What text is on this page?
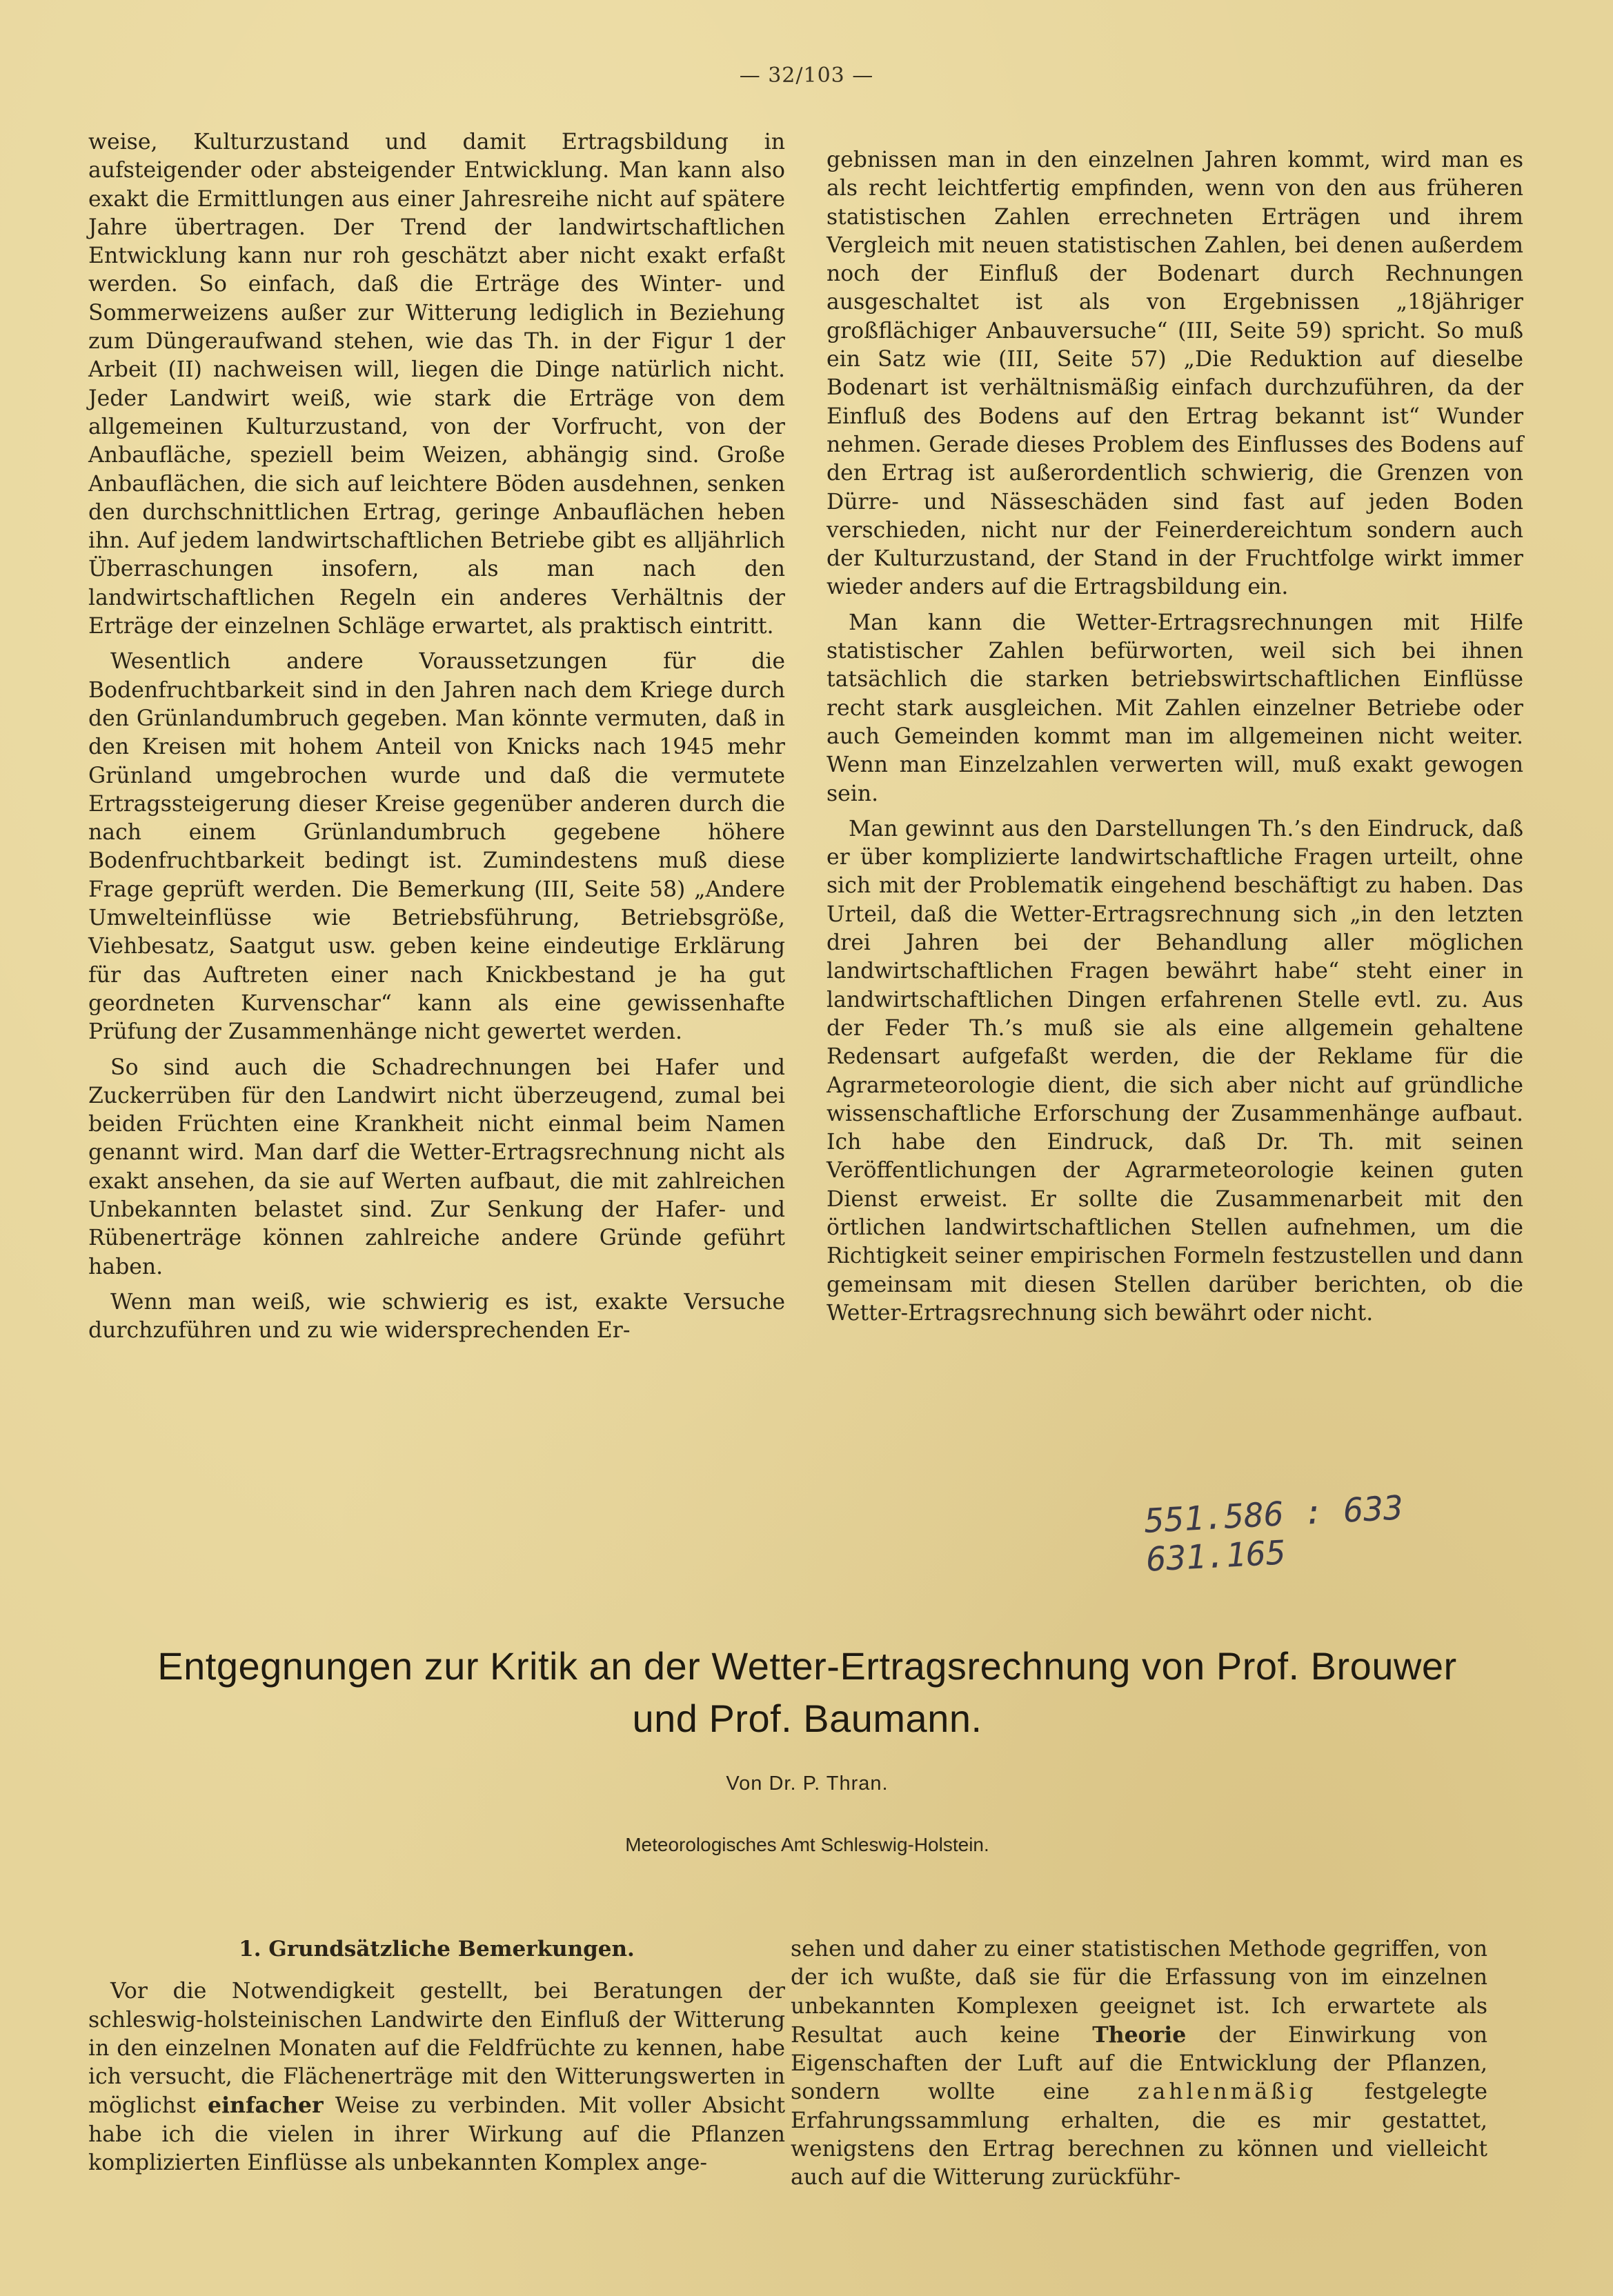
— 32/103 —

weise, Kulturzustand und damit Ertragsbildung in aufsteigender oder absteigender Entwicklung. Man kann also exakt die Ermittlungen aus einer Jahresreihe nicht auf spätere Jahre übertragen. Der Trend der landwirtschaftlichen Entwicklung kann nur roh geschätzt aber nicht exakt erfaßt werden. So einfach, daß die Erträge des Winter- und Sommerweizens außer zur Witterung lediglich in Beziehung zum Düngeraufwand stehen, wie das Th. in der Figur 1 der Arbeit (II) nachweisen will, liegen die Dinge natürlich nicht. Jeder Landwirt weiß, wie stark die Erträge von dem allgemeinen Kulturzustand, von der Vorfrucht, von der Anbaufläche, speziell beim Weizen, abhängig sind. Große Anbauflächen, die sich auf leichtere Böden ausdehnen, senken den durchschnittlichen Ertrag, geringe Anbauflächen heben ihn. Auf jedem landwirtschaftlichen Betriebe gibt es alljährlich Überraschungen insofern, als man nach den landwirtschaftlichen Regeln ein anderes Verhältnis der Erträge der einzelnen Schläge erwartet, als praktisch eintritt.

Wesentlich andere Voraussetzungen für die Bodenfruchtbarkeit sind in den Jahren nach dem Kriege durch den Grünlandumbruch gegeben. Man könnte vermuten, daß in den Kreisen mit hohem Anteil von Knicks nach 1945 mehr Grünland umgebrochen wurde und daß die vermutete Ertragssteigerung dieser Kreise gegenüber anderen durch die nach einem Grünlandumbruch gegebene höhere Bodenfruchtbarkeit bedingt ist. Zumindestens muß diese Frage geprüft werden. Die Bemerkung (III, Seite 58) „Andere Umwelteinflüsse wie Betriebsführung, Betriebsgröße, Viehbesatz, Saatgut usw. geben keine eindeutige Erklärung für das Auftreten einer nach Knickbestand je ha gut geordneten Kurvenschar“ kann als eine gewissenhafte Prüfung der Zusammenhänge nicht gewertet werden.

So sind auch die Schadrechnungen bei Hafer und Zuckerrüben für den Landwirt nicht überzeugend, zumal bei beiden Früchten eine Krankheit nicht einmal beim Namen genannt wird. Man darf die Wetter-Ertragsrechnung nicht als exakt ansehen, da sie auf Werten aufbaut, die mit zahlreichen Unbekannten belastet sind. Zur Senkung der Hafer- und Rübenerträge können zahlreiche andere Gründe geführt haben.

Wenn man weiß, wie schwierig es ist, exakte Versuche durchzuführen und zu wie widersprechenden Er-

gebnissen man in den einzelnen Jahren kommt, wird man es als recht leichtfertig empfinden, wenn von den aus früheren statistischen Zahlen errechneten Erträgen und ihrem Vergleich mit neuen statistischen Zahlen, bei denen außerdem noch der Einfluß der Bodenart durch Rechnungen ausgeschaltet ist als von Ergebnissen „18jähriger großflächiger Anbauversuche“ (III, Seite 59) spricht. So muß ein Satz wie (III, Seite 57) „Die Reduktion auf dieselbe Bodenart ist verhältnismäßig einfach durchzuführen, da der Einfluß des Bodens auf den Ertrag bekannt ist“ Wunder nehmen. Gerade dieses Problem des Einflusses des Bodens auf den Ertrag ist außerordentlich schwierig, die Grenzen von Dürre- und Nässeschäden sind fast auf jeden Boden verschieden, nicht nur der Feinerdereichtum sondern auch der Kulturzustand, der Stand in der Fruchtfolge wirkt immer wieder anders auf die Ertragsbildung ein.

Man kann die Wetter-Ertragsrechnungen mit Hilfe statistischer Zahlen befürworten, weil sich bei ihnen tatsächlich die starken betriebswirtschaftlichen Einflüsse recht stark ausgleichen. Mit Zahlen einzelner Betriebe oder auch Gemeinden kommt man im allgemeinen nicht weiter. Wenn man Einzelzahlen verwerten will, muß exakt gewogen sein.

Man gewinnt aus den Darstellungen Th.’s den Eindruck, daß er über komplizierte landwirtschaftliche Fragen urteilt, ohne sich mit der Problematik eingehend beschäftigt zu haben. Das Urteil, daß die Wetter-Ertragsrechnung sich „in den letzten drei Jahren bei der Behandlung aller möglichen landwirtschaftlichen Fragen bewährt habe“ steht einer in landwirtschaftlichen Dingen erfahrenen Stelle evtl. zu. Aus der Feder Th.’s muß sie als eine allgemein gehaltene Redensart aufgefaßt werden, die der Reklame für die Agrarmeteorologie dient, die sich aber nicht auf gründliche wissenschaftliche Erforschung der Zusammenhänge aufbaut. Ich habe den Eindruck, daß Dr. Th. mit seinen Veröffentlichungen der Agrarmeteorologie keinen guten Dienst erweist. Er sollte die Zusammenarbeit mit den örtlichen landwirtschaftlichen Stellen aufnehmen, um die Richtigkeit seiner empirischen Formeln festzustellen und dann gemeinsam mit diesen Stellen darüber berichten, ob die Wetter-Ertragsrechnung sich bewährt oder nicht.

551.586 : 633
631.165
Entgegnungen zur Kritik an der Wetter-Ertragsrechnung von Prof. Brouwer
und Prof. Baumann.
Von Dr. P. Thran.
Meteorologisches Amt Schleswig-Holstein.
1. Grundsätzliche Bemerkungen.

Vor die Notwendigkeit gestellt, bei Beratungen der schleswig-holsteinischen Landwirte den Einfluß der Witterung in den einzelnen Monaten auf die Feldfrüchte zu kennen, habe ich versucht, die Flächenerträge mit den Witterungswerten in möglichst einfacher Weise zu verbinden. Mit voller Absicht habe ich die vielen in ihrer Wirkung auf die Pflanzen komplizierten Einflüsse als unbekannten Komplex ange-

sehen und daher zu einer statistischen Methode gegriffen, von der ich wußte, daß sie für die Erfassung von im einzelnen unbekannten Komplexen geeignet ist. Ich erwartete als Resultat auch keine Theorie der Einwirkung von Eigenschaften der Luft auf die Entwicklung der Pflanzen, sondern wollte eine zahlenmäßig festgelegte Erfahrungssammlung erhalten, die es mir gestattet, wenigstens den Ertrag berechnen zu können und vielleicht auch auf die Witterung zurückführ-
